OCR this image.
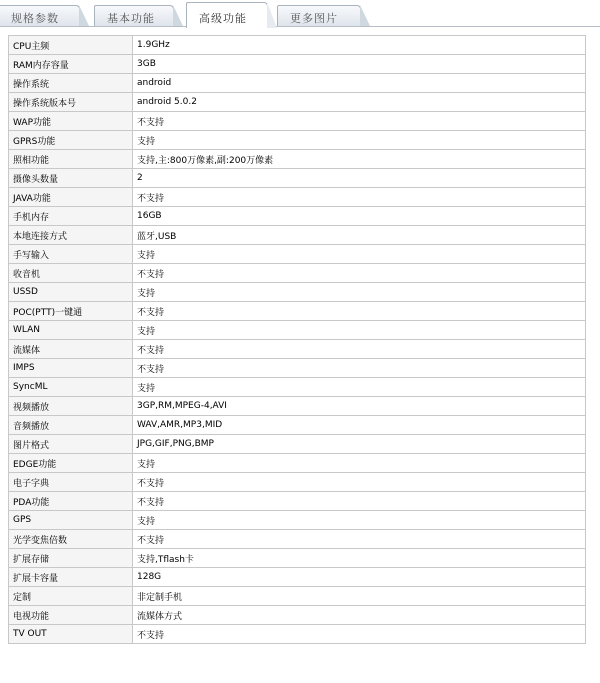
规格参数	基本功能	高级功能	更多图片
CPU主频	1.9GHz
RAM内存容量	3GB
操作系统	android
操作系统版本号	android 5.0.2
WAP功能	不支持
GPRS功能	支持
照相功能	支持,主:800万像素,副:200万像素
摄像头数量	2
JAVA功能	不支持
手机内存	16GB
本地连接方式	蓝牙,USB
手写输入	支持
收音机	不支持
USSD	支持
POC(PTT)一键通	不支持
WLAN	支持
流媒体	不支持
IMPS	不支持
SyncML	支持
视频播放	3GP,RM,MPEG-4,AVI
音频播放	WAV,AMR,MP3,MID
图片格式	JPG,GIF,PNG,BMP
EDGE功能	支持
电子字典	不支持
PDA功能	不支持
GPS	支持
光学变焦倍数	不支持
扩展存储	支持,Tflash卡
扩展卡容量	128G
定制	非定制手机
电视功能	流媒体方式
TV OUT	不支持
